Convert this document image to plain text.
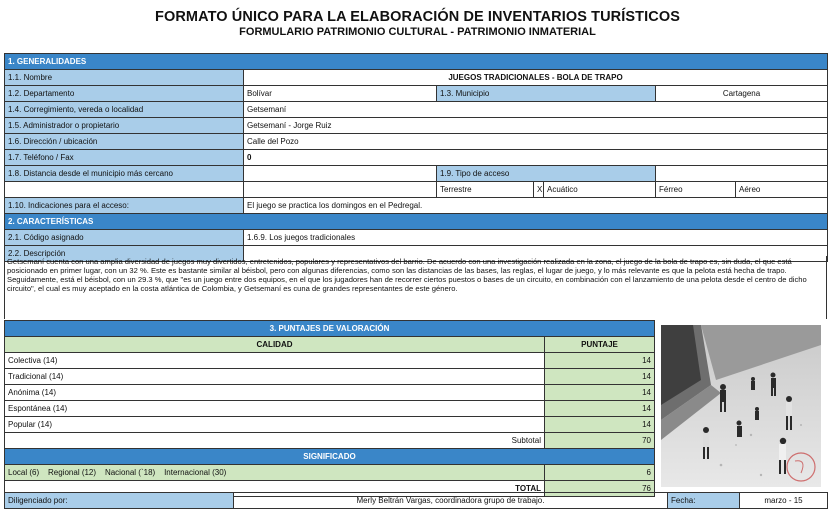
FORMATO ÚNICO PARA LA ELABORACIÓN DE INVENTARIOS TURÍSTICOS
FORMULARIO PATRIMONIO CULTURAL - PATRIMONIO INMATERIAL
1. GENERALIDADES						
1.1. Nombre	JUEGOS TRADICIONALES - BOLA DE TRAPO					
1.2. Departamento	Bolívar	1.3. Municipio			Cartagena	
1.4. Corregimiento, vereda o localidad	Getsemaní					
1.5. Administrador o propietario	Getsemaní - Jorge Ruiz					
1.6. Dirección / ubicación	Calle del Pozo					
1.7. Teléfono / Fax	0					
1.8. Distancia desde el municipio más cercano		1.9. Tipo de acceso				
		Terrestre	X	Acuático	Férreo	Aéreo
1.10. Indicaciones para el acceso:	El juego se practica los domingos en el Pedregal.					
2. CARACTERÍSTICAS						
2.1. Código asignado	1.6.9. Los juegos tradicionales					
2.2. Descripción						
Getsemaní cuenta con una amplia diversidad de juegos muy divertidos, entretenidos, populares y representativos del barrio. De acuerdo con una investigación realizada en la zona, el juego de la bola de trapo es, sin duda, el que está posicionado en primer lugar, con un 32 %. Este es bastante similar al béisbol, pero con algunas diferencias, como son las distancias de las bases, las reglas, el lugar de juego, y lo más relevante es que la pelota está hecha de trapo. Seguidamente, está el béisbol, con un 29.3 %, que "es un juego entre dos equipos, en el que los jugadores han de recorrer ciertos puestos o bases de un circuito, en combinación con el lanzamiento de una pelota desde el centro de dicho circuito", el cual es muy aceptado en la costa atlántica de Colombia, y Getsemaní es cuna de grandes representantes de este género.
3. PUNTAJES DE VALORACIÓN	
CALIDAD	PUNTAJE
Colectiva (14)	14
Tradicional (14)	14
Anónima (14)	14
Espontánea (14)	14
Popular (14)	14
Subtotal	70
SIGNIFICADO	
Local (6) Regional (12) Nacional (`18) Internacional (30)	6
TOTAL	76
Diligenciado por:	Merly Beltrán Vargas, coordinadora grupo de trabajo.	Fecha:	marzo - 15
